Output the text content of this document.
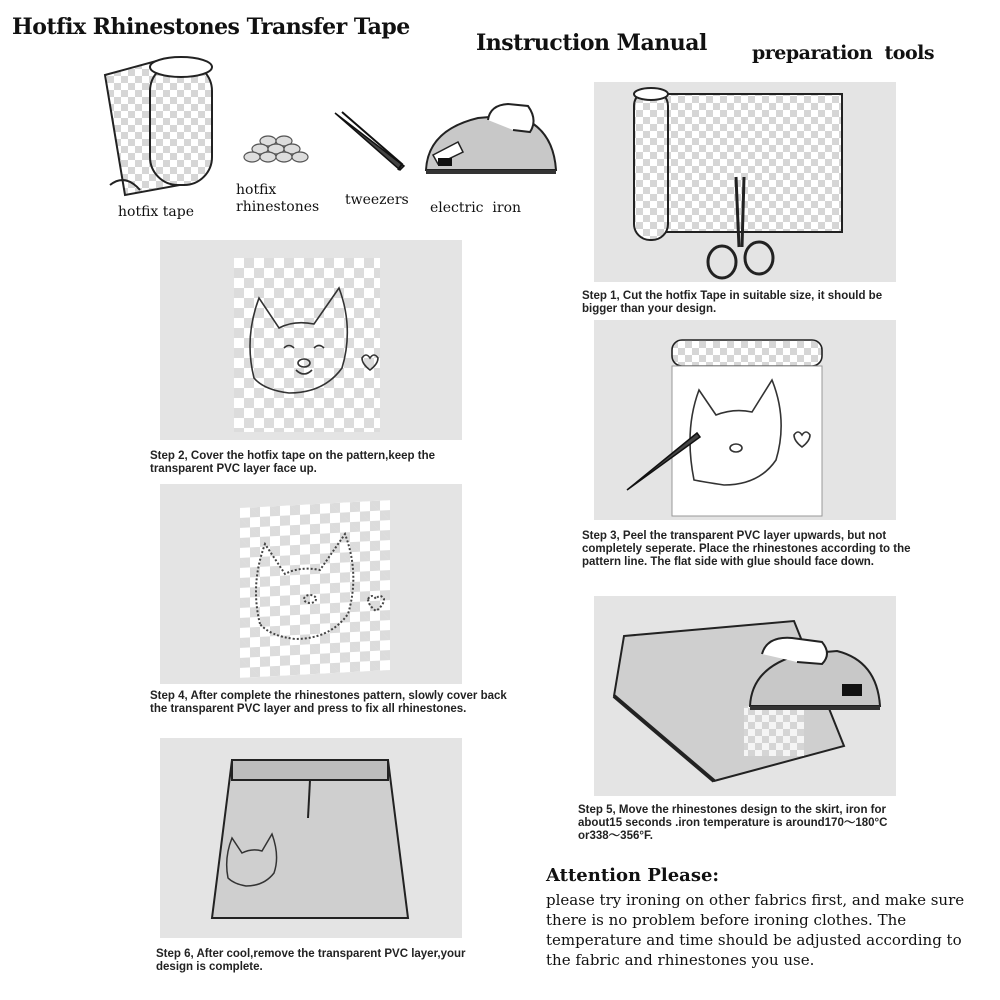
Hotfix Rhinestones Transfer Tape
Instruction Manual preparation  tools
hotfix tape
hotfix
rhinestones tweezers electric  iron
Step 1, Cut the hotfix Tape in suitable size, it should be bigger than your design.
Step 2, Cover the hotfix tape on the pattern,keep the transparent PVC layer face up.
Step 3, Peel the transparent PVC layer upwards, but not completely seperate. Place the rhinestones according to the pattern line. The flat side with glue should face down.
Step 4, After complete the rhinestones pattern, slowly cover back the transparent PVC layer and press to fix all rhinestones.
Step 5, Move the rhinestones design to the skirt, iron for about15 seconds .iron temperature is around170～180°C or338～356°F.
Step 6, After cool,remove the transparent PVC layer,your design is complete.
Attention Please:
please try ironing on other fabrics first, and make sure there is no problem before ironing clothes. The temperature and time should be adjusted according to the fabric and rhinestones you use.
